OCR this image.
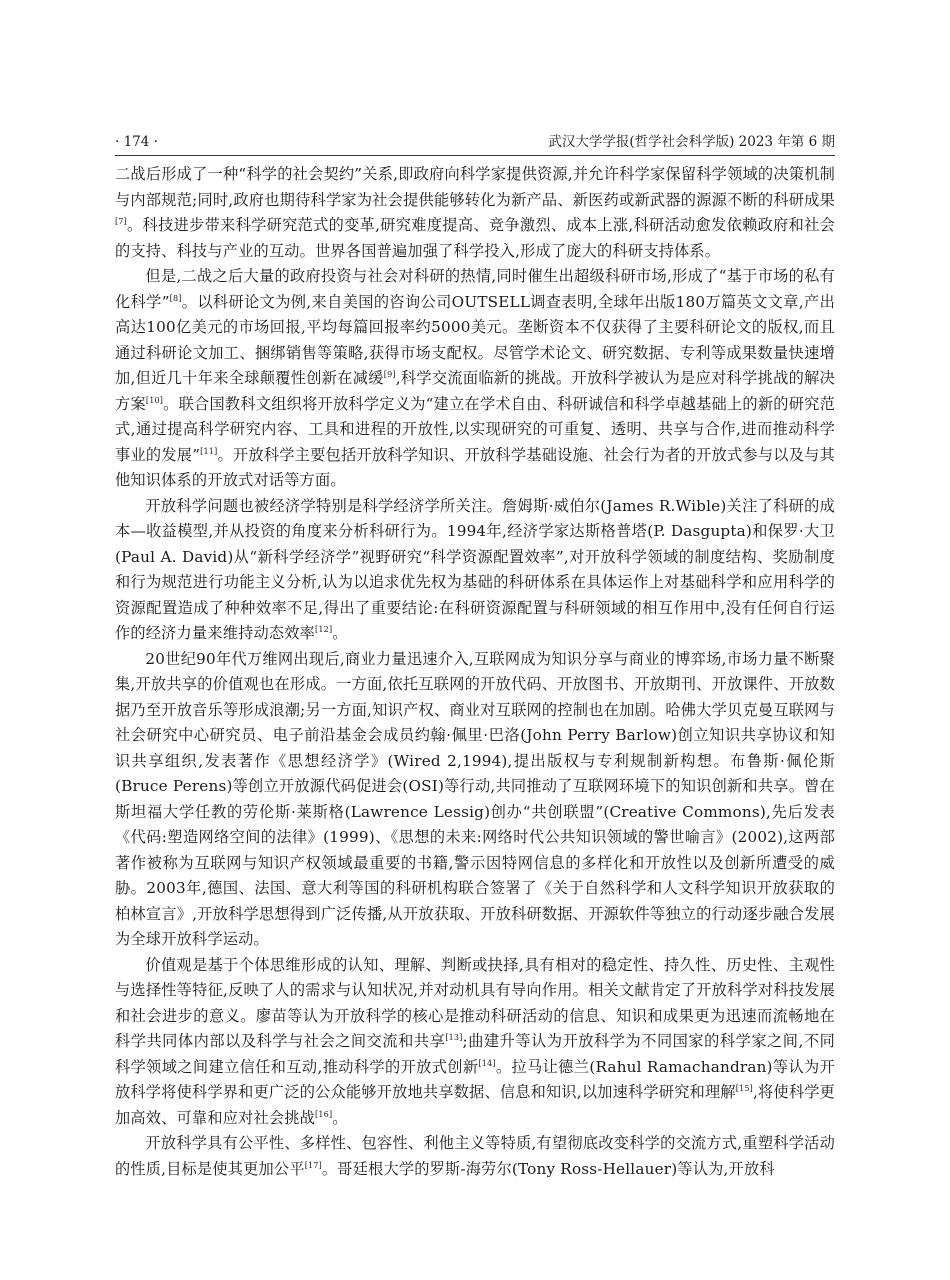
· 174 ·	武汉大学学报(哲学社会科学版) 2023 年第 6 期

二战后形成了一种“科学的社会契约”关系,即政府向科学家提供资源,并允许科学家保留科学领域的决策机制与内部规范;同时,政府也期待科学家为社会提供能够转化为新产品、新医药或新武器的源源不断的科研成果[7]。科技进步带来科学研究范式的变革,研究难度提高、竞争激烈、成本上涨,科研活动愈发依赖政府和社会的支持、科技与产业的互动。世界各国普遍加强了科学投入,形成了庞大的科研支持体系。

但是,二战之后大量的政府投资与社会对科研的热情,同时催生出超级科研市场,形成了“基于市场的私有化科学”[8]。以科研论文为例,来自美国的咨询公司OUTSELL调查表明,全球年出版180万篇英文文章,产出高达100亿美元的市场回报,平均每篇回报率约5000美元。垄断资本不仅获得了主要科研论文的版权,而且通过科研论文加工、捆绑销售等策略,获得市场支配权。尽管学术论文、研究数据、专利等成果数量快速增加,但近几十年来全球颠覆性创新在减缓[9],科学交流面临新的挑战。开放科学被认为是应对科学挑战的解决方案[10]。联合国教科文组织将开放科学定义为“建立在学术自由、科研诚信和科学卓越基础上的新的研究范式,通过提高科学研究内容、工具和进程的开放性,以实现研究的可重复、透明、共享与合作,进而推动科学事业的发展”[11]。开放科学主要包括开放科学知识、开放科学基础设施、社会行为者的开放式参与以及与其他知识体系的开放式对话等方面。

开放科学问题也被经济学特别是科学经济学所关注。詹姆斯·威伯尔(James R.Wible)关注了科研的成本—收益模型,并从投资的角度来分析科研行为。1994年,经济学家达斯格普塔(P. Dasgupta)和保罗·大卫(Paul A. David)从“新科学经济学”视野研究“科学资源配置效率”,对开放科学领域的制度结构、奖励制度和行为规范进行功能主义分析,认为以追求优先权为基础的科研体系在具体运作上对基础科学和应用科学的资源配置造成了种种效率不足,得出了重要结论:在科研资源配置与科研领域的相互作用中,没有任何自行运作的经济力量来维持动态效率[12]。

20世纪90年代万维网出现后,商业力量迅速介入,互联网成为知识分享与商业的博弈场,市场力量不断聚集,开放共享的价值观也在形成。一方面,依托互联网的开放代码、开放图书、开放期刊、开放课件、开放数据乃至开放音乐等形成浪潮;另一方面,知识产权、商业对互联网的控制也在加剧。哈佛大学贝克曼互联网与社会研究中心研究员、电子前沿基金会成员约翰·佩里·巴洛(John Perry Barlow)创立知识共享协议和知识共享组织,发表著作《思想经济学》(Wired 2,1994),提出版权与专利规制新构想。布鲁斯·佩伦斯(Bruce Perens)等创立开放源代码促进会(OSI)等行动,共同推动了互联网环境下的知识创新和共享。曾在斯坦福大学任教的劳伦斯·莱斯格(Lawrence Lessig)创办“共创联盟”(Creative Commons),先后发表《代码:塑造网络空间的法律》(1999)、《思想的未来:网络时代公共知识领域的警世喻言》(2002),这两部著作被称为互联网与知识产权领域最重要的书籍,警示因特网信息的多样化和开放性以及创新所遭受的威胁。2003年,德国、法国、意大利等国的科研机构联合签署了《关于自然科学和人文科学知识开放获取的柏林宣言》,开放科学思想得到广泛传播,从开放获取、开放科研数据、开源软件等独立的行动逐步融合发展为全球开放科学运动。

价值观是基于个体思维形成的认知、理解、判断或抉择,具有相对的稳定性、持久性、历史性、主观性与选择性等特征,反映了人的需求与认知状况,并对动机具有导向作用。相关文献肯定了开放科学对科技发展和社会进步的意义。廖苗等认为开放科学的核心是推动科研活动的信息、知识和成果更为迅速而流畅地在科学共同体内部以及科学与社会之间交流和共享[13];曲建升等认为开放科学为不同国家的科学家之间,不同科学领域之间建立信任和互动,推动科学的开放式创新[14]。拉马让德兰(Rahul Ramachandran)等认为开放科学将使科学界和更广泛的公众能够开放地共享数据、信息和知识,以加速科学研究和理解[15],将使科学更加高效、可靠和应对社会挑战[16]。

开放科学具有公平性、多样性、包容性、利他主义等特质,有望彻底改变科学的交流方式,重塑科学活动的性质,目标是使其更加公平[17]。哥廷根大学的罗斯-海劳尔(Tony Ross-Hellauer)等认为,开放科
